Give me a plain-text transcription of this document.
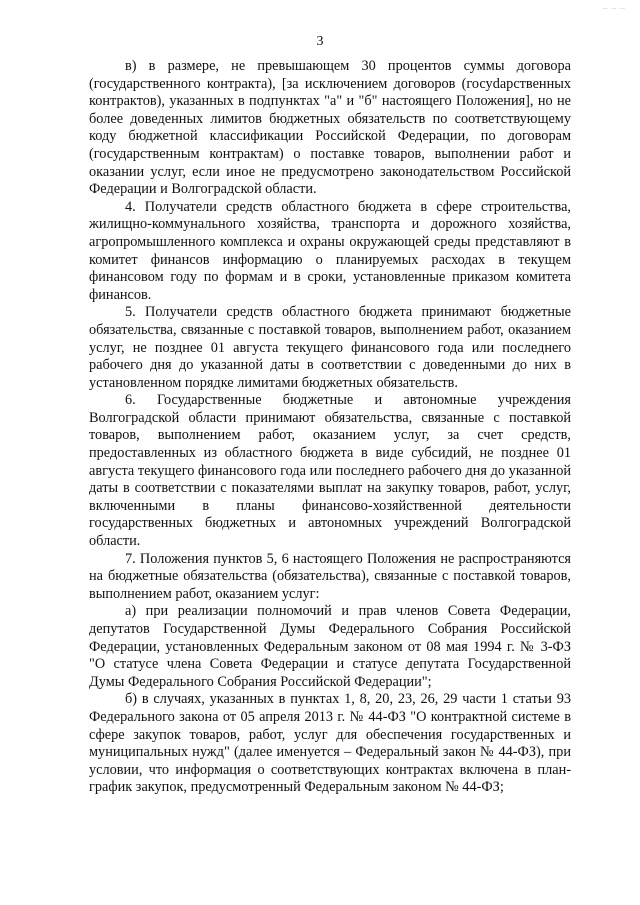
_ _ _
3

в) в размере, не превышающем 30 процентов суммы договора (государственного контракта), [за исключением договоров (госуdарственных контрактов), указанных в подпунктах "а" и "б" настоящего Положения], но не более доведенных лимитов бюджетных обязательств по соответствующему коду бюджетной классификации Российской Федерации, по договорам (государственным контрактам) о поставке товаров, выполнении работ и оказании услуг, если иное не предусмотрено законодательством Российской Федерации и Волгоградской области.

4. Получатели средств областного бюджета в сфере строительства, жилищно-коммунального хозяйства, транспорта и дорожного хозяйства, агропромышленного комплекса и охраны окружающей среды представляют в комитет финансов информацию о планируемых расходах в текущем финансовом году по формам и в сроки, установленные приказом комитета финансов.

5. Получатели средств областного бюджета принимают бюджетные обязательства, связанные с поставкой товаров, выполнением работ, оказанием услуг, не позднее 01 августа текущего финансового года или последнего рабочего дня до указанной даты в соответствии с доведенными до них в установленном порядке лимитами бюджетных обязательств.

6. Государственные бюджетные и автономные учреждения Волгоградской области принимают обязательства, связанные с поставкой товаров, выполнением работ, оказанием услуг, за счет средств, предоставленных из областного бюджета в виде субсидий, не позднее 01 августа текущего финансового года или последнего рабочего дня до указанной даты в соответствии с показателями выплат на закупку товаров, работ, услуг, включенными в планы финансово-хозяйственной деятельности государственных бюджетных и автономных учреждений Волгоградской области.

7. Положения пунктов 5, 6 настоящего Положения не распространяются на бюджетные обязательства (обязательства), связанные с поставкой товаров, выполнением работ, оказанием услуг:

а) при реализации полномочий и прав членов Совета Федерации, депутатов Государственной Думы Федерального Собрания Российской Федерации, установленных Федеральным законом от 08 мая 1994 г. № 3-ФЗ "О статусе члена Совета Федерации и статусе депутата Государственной Думы Федерального Собрания Российской Федерации";

б) в случаях, указанных в пунктах 1, 8, 20, 23, 26, 29 части 1 статьи 93 Федерального закона от 05 апреля 2013 г. № 44-ФЗ "О контрактной системе в сфере закупок товаров, работ, услуг для обеспечения государственных и муниципальных нужд" (далее именуется – Федеральный закон № 44-ФЗ), при условии, что информация о соответствующих контрактах включена в план-график закупок, предусмотренный Федеральным законом № 44-ФЗ;
